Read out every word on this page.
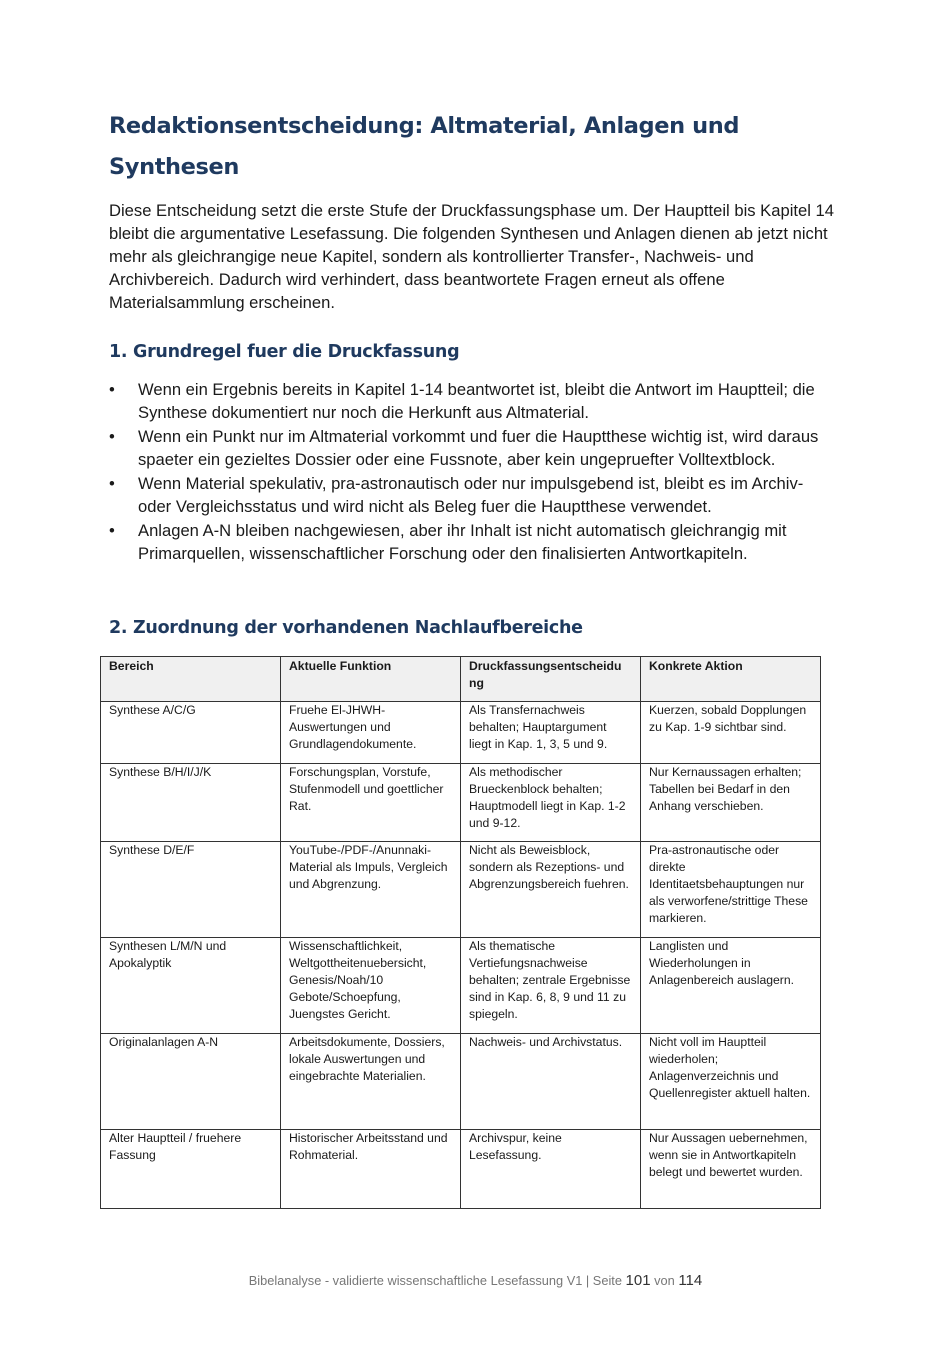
Redaktionsentscheidung: Altmaterial, Anlagen und Synthesen

Diese Entscheidung setzt die erste Stufe der Druckfassungsphase um. Der Hauptteil bis Kapitel 14 bleibt die argumentative Lesefassung. Die folgenden Synthesen und Anlagen dienen ab jetzt nicht mehr als gleichrangige neue Kapitel, sondern als kontrollierter Transfer-, Nachweis- und Archivbereich. Dadurch wird verhindert, dass beantwortete Fragen erneut als offene Materialsammlung erscheinen.

1. Grundregel fuer die Druckfassung
•	Wenn ein Ergebnis bereits in Kapitel 1-14 beantwortet ist, bleibt die Antwort im Hauptteil; die Synthese dokumentiert nur noch die Herkunft aus Altmaterial.
•	Wenn ein Punkt nur im Altmaterial vorkommt und fuer die Hauptthese wichtig ist, wird daraus spaeter ein gezieltes Dossier oder eine Fussnote, aber kein ungepruefter Volltextblock.
•	Wenn Material spekulativ, pra-astronautisch oder nur impulsgebend ist, bleibt es im Archiv- oder Vergleichsstatus und wird nicht als Beleg fuer die Hauptthese verwendet.
•	Anlagen A-N bleiben nachgewiesen, aber ihr Inhalt ist nicht automatisch gleichrangig mit Primarquellen, wissenschaftlicher Forschung oder den finalisierten Antwortkapiteln.
2. Zuordnung der vorhandenen Nachlaufbereiche
Bereich	Aktuelle Funktion	Druckfassungsentscheidu ng	Konkrete Aktion
Synthese A/C/G	Fruehe El-JHWH-Auswertungen und Grundlagendokumente.	Als Transfernachweis behalten; Hauptargument liegt in Kap. 1, 3, 5 und 9.	Kuerzen, sobald Dopplungen zu Kap. 1-9 sichtbar sind.
Synthese B/H/I/J/K	Forschungsplan, Vorstufe, Stufenmodell und goettlicher Rat.	Als methodischer Brueckenblock behalten; Hauptmodell liegt in Kap. 1-2 und 9-12.	Nur Kernaussagen erhalten; Tabellen bei Bedarf in den Anhang verschieben.
Synthese D/E/F	YouTube-/PDF-/Anunnaki-Material als Impuls, Vergleich und Abgrenzung.	Nicht als Beweisblock, sondern als Rezeptions- und Abgrenzungsbereich fuehren.	Pra-astronautische oder direkte Identitaetsbehauptungen nur als verworfene/strittige These markieren.
Synthesen L/M/N und Apokalyptik	Wissenschaftlichkeit, Weltgottheitenuebersicht, Genesis/Noah/10 Gebote/Schoepfung, Juengstes Gericht.	Als thematische Vertiefungsnachweise behalten; zentrale Ergebnisse sind in Kap. 6, 8, 9 und 11 zu spiegeln.	Langlisten und Wiederholungen in Anlagenbereich auslagern.
Originalanlagen A-N	Arbeitsdokumente, Dossiers, lokale Auswertungen und eingebrachte Materialien.	Nachweis- und Archivstatus.	Nicht voll im Hauptteil wiederholen; Anlagenverzeichnis und Quellenregister aktuell halten.
Alter Hauptteil / fruehere Fassung	Historischer Arbeitsstand und Rohmaterial.	Archivspur, keine Lesefassung.	Nur Aussagen uebernehmen, wenn sie in Antwortkapiteln belegt und bewertet wurden.
Bibelanalyse - validierte wissenschaftliche Lesefassung V1 | Seite 101 von 114
